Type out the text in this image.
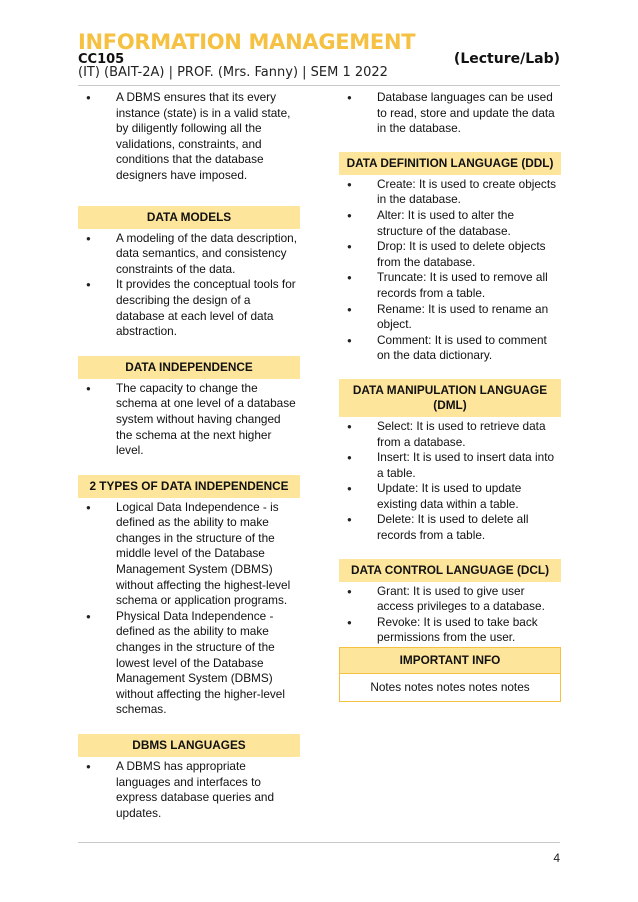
INFORMATION MANAGEMENT
CC105
(IT) (BAIT-2A) | PROF. (Mrs. Fanny) | SEM 1 2022
(Lecture/Lab)
● A DBMS ensures that its every instance (state) is in a valid state, by diligently following all the validations, constraints, and conditions that the database designers have imposed.
DATA MODELS
● A modeling of the data description, data semantics, and consistency constraints of the data.
● It provides the conceptual tools for describing the design of a database at each level of data abstraction.
DATA INDEPENDENCE
● The capacity to change the schema at one level of a database system without having changed the schema at the next higher level.
2 TYPES OF DATA INDEPENDENCE
● Logical Data Independence - is defined as the ability to make changes in the structure of the middle level of the Database Management System (DBMS) without affecting the highest-level schema or application programs.
● Physical Data Independence - defined as the ability to make changes in the structure of the lowest level of the Database Management System (DBMS) without affecting the higher-level schemas.
DBMS LANGUAGES
● A DBMS has appropriate languages and interfaces to express database queries and updates.
● Database languages can be used to read, store and update the data in the database.
DATA DEFINITION LANGUAGE (DDL)
● Create: It is used to create objects in the database.
● Alter: It is used to alter the structure of the database.
● Drop: It is used to delete objects from the database.
● Truncate: It is used to remove all records from a table.
● Rename: It is used to rename an object.
● Comment: It is used to comment on the data dictionary.
DATA MANIPULATION LANGUAGE (DML)
● Select: It is used to retrieve data from a database.
● Insert: It is used to insert data into a table.
● Update: It is used to update existing data within a table.
● Delete: It is used to delete all records from a table.
DATA CONTROL LANGUAGE (DCL)
● Grant: It is used to give user access privileges to a database.
● Revoke: It is used to take back permissions from the user.
IMPORTANT INFO
Notes notes notes notes notes
4
